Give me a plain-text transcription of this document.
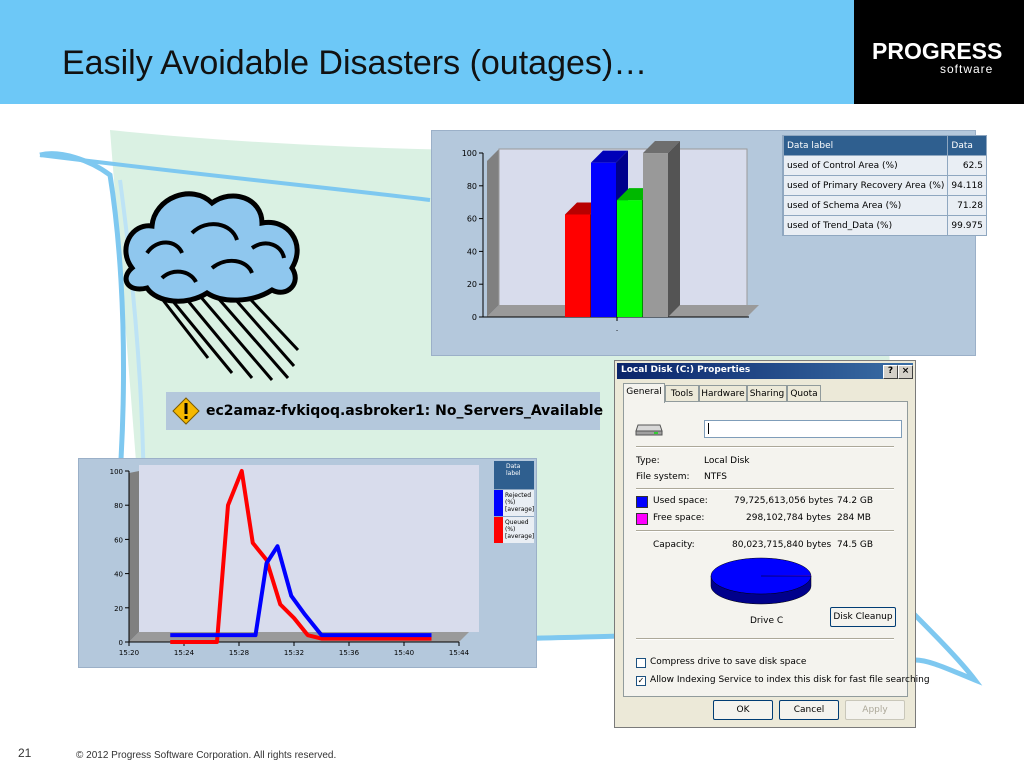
Easily Avoidable Disasters (outages)…	PROGRESS
software
0
20
40
60
80
100
.
	Data label	Data
	used of Control Area (%)	62.5
	used of Primary Recovery Area (%)	94.118
	used of Schema Area (%)	71.28
	used of Trend_Data (%)	99.975
ec2amaz-fvkiqoq.asbroker1: No_Servers_Available
0
20
40
60
80
100
15:20	15:24	15:28	15:32	15:36	15:40	15:44
Data label
Rejected (%) [average]
Queued (%) [average]
Local Disk (C:) Properties	? ×
General	Tools Hardware Sharing Quota
Type:	Local Disk
File system: NTFS
Used space:	79,725,613,056 bytes 74.2 GB
Free space:	298,102,784 bytes 284 MB
Capacity:	80,023,715,840 bytes 74.5 GB
Drive C	Disk Cleanup
Compress drive to save disk space
✓ Allow Indexing Service to index this disk for fast file searching
OK	Cancel	Apply
21	© 2012 Progress Software Corporation. All rights reserved.
